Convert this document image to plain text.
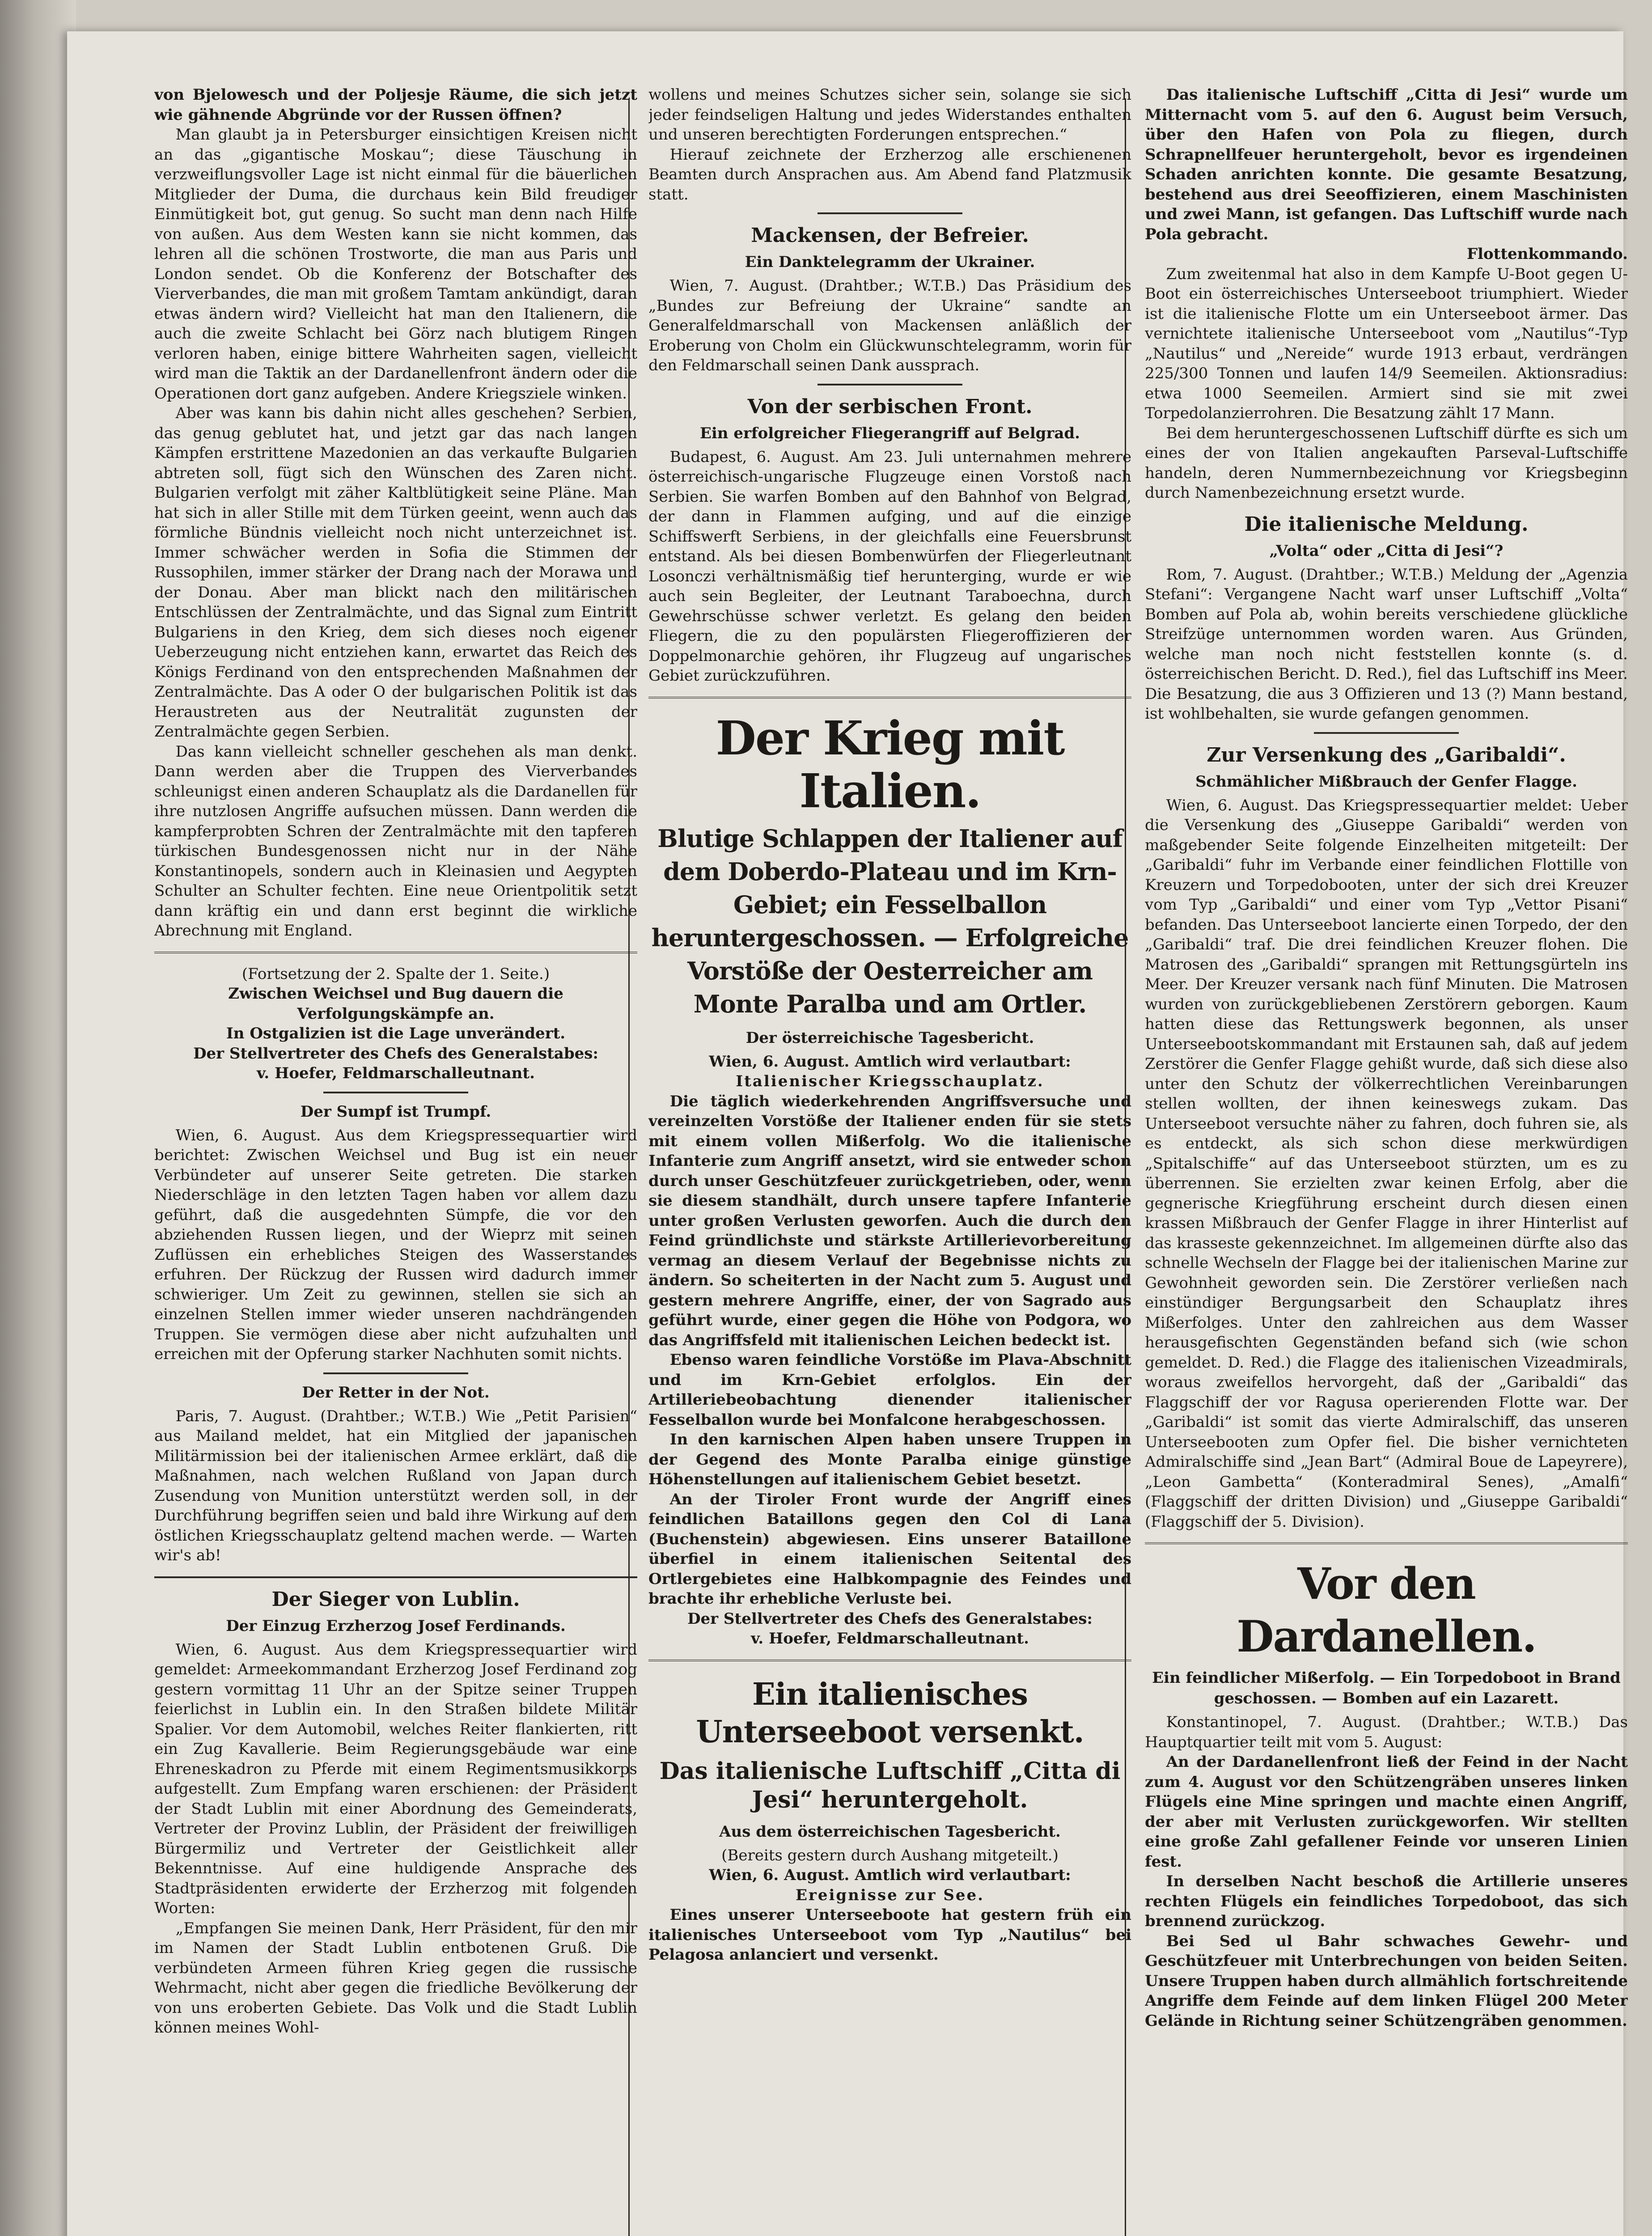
von Bjelowesch und der Poljesje Räume, die sich jetzt wie gähnende Abgründe vor der Russen öffnen?

Man glaubt ja in Petersburger einsichtigen Kreisen nicht an das „gigantische Moskau“; diese Täuschung in verzweiflungsvoller Lage ist nicht einmal für die bäuerlichen Mitglieder der Duma, die durchaus kein Bild freudiger Einmütigkeit bot, gut genug. So sucht man denn nach Hilfe von außen. Aus dem Westen kann sie nicht kommen, das lehren all die schönen Trostworte, die man aus Paris und London sendet. Ob die Konferenz der Botschafter des Vierverbandes, die man mit großem Tamtam ankündigt, daran etwas ändern wird? Vielleicht hat man den Italienern, die auch die zweite Schlacht bei Görz nach blutigem Ringen verloren haben, einige bittere Wahrheiten sagen, vielleicht wird man die Taktik an der Dardanellenfront ändern oder die Operationen dort ganz aufgeben. Andere Kriegsziele winken.

Aber was kann bis dahin nicht alles geschehen? Serbien, das genug geblutet hat, und jetzt gar das nach langen Kämpfen erstrittene Mazedonien an das verkaufte Bulgarien abtreten soll, fügt sich den Wünschen des Zaren nicht. Bulgarien verfolgt mit zäher Kaltblütigkeit seine Pläne. Man hat sich in aller Stille mit dem Türken geeint, wenn auch das förmliche Bündnis vielleicht noch nicht unterzeichnet ist. Immer schwächer werden in Sofia die Stimmen der Russophilen, immer stärker der Drang nach der Morawa und der Donau. Aber man blickt nach den militärischen Entschlüssen der Zentralmächte, und das Signal zum Eintritt Bulgariens in den Krieg, dem sich dieses noch eigener Ueberzeugung nicht entziehen kann, erwartet das Reich des Königs Ferdinand von den entsprechenden Maßnahmen der Zentralmächte. Das A oder O der bulgarischen Politik ist das Heraustreten aus der Neutralität zugunsten der Zentralmächte gegen Serbien.

Das kann vielleicht schneller geschehen als man denkt. Dann werden aber die Truppen des Vierverbandes schleunigst einen anderen Schauplatz als die Dardanellen für ihre nutzlosen Angriffe aufsuchen müssen. Dann werden die kampferprobten Schren der Zentralmächte mit den tapferen türkischen Bundesgenossen nicht nur in der Nähe Konstantinopels, sondern auch in Kleinasien und Aegypten Schulter an Schulter fechten. Eine neue Orientpolitik setzt dann kräftig ein und dann erst beginnt die wirkliche Abrechnung mit England.

(Fortsetzung der 2. Spalte der 1. Seite.)

Zwischen Weichsel und Bug dauern die Verfolgungskämpfe an.

In Ostgalizien ist die Lage unverändert.

Der Stellvertreter des Chefs des Generalstabes:

v. Hoefer, Feldmarschalleutnant.

Der Sumpf ist Trumpf.

Wien, 6. August. Aus dem Kriegspressequartier wird berichtet: Zwischen Weichsel und Bug ist ein neuer Verbündeter auf unserer Seite getreten. Die starken Niederschläge in den letzten Tagen haben vor allem dazu geführt, daß die ausgedehnten Sümpfe, die vor den abziehenden Russen liegen, und der Wieprz mit seinen Zuflüssen ein erhebliches Steigen des Wasserstandes erfuhren. Der Rückzug der Russen wird dadurch immer schwieriger. Um Zeit zu gewinnen, stellen sie sich an einzelnen Stellen immer wieder unseren nachdrängenden Truppen. Sie vermögen diese aber nicht aufzuhalten und erreichen mit der Opferung starker Nachhuten somit nichts.

Der Retter in der Not.

Paris, 7. August. (Drahtber.; W.T.B.) Wie „Petit Parisien“ aus Mailand meldet, hat ein Mitglied der japanischen Militärmission bei der italienischen Armee erklärt, daß die Maßnahmen, nach welchen Rußland von Japan durch Zusendung von Munition unterstützt werden soll, in der Durchführung begriffen seien und bald ihre Wirkung auf dem östlichen Kriegsschauplatz geltend machen werde. — Warten wir's ab!

Der Sieger von Lublin.
Der Einzug Erzherzog Josef Ferdinands.

Wien, 6. August. Aus dem Kriegspressequartier wird gemeldet: Armeekommandant Erzherzog Josef Ferdinand zog gestern vormittag 11 Uhr an der Spitze seiner Truppen feierlichst in Lublin ein. In den Straßen bildete Militär Spalier. Vor dem Automobil, welches Reiter flankierten, ritt ein Zug Kavallerie. Beim Regierungsgebäude war eine Ehreneskadron zu Pferde mit einem Regimentsmusikkorps aufgestellt. Zum Empfang waren erschienen: der Präsident der Stadt Lublin mit einer Abordnung des Gemeinderats, Vertreter der Provinz Lublin, der Präsident der freiwilligen Bürgermiliz und Vertreter der Geistlichkeit aller Bekenntnisse. Auf eine huldigende Ansprache des Stadtpräsidenten erwiderte der Erzherzog mit folgenden Worten:

„Empfangen Sie meinen Dank, Herr Präsident, für den mir im Namen der Stadt Lublin entbotenen Gruß. Die verbündeten Armeen führen Krieg gegen die russische Wehrmacht, nicht aber gegen die friedliche Bevölkerung der von uns eroberten Gebiete. Das Volk und die Stadt Lublin können meines Wohl-

wollens und meines Schutzes sicher sein, solange sie sich jeder feindseligen Haltung und jedes Widerstandes enthalten und unseren berechtigten Forderungen entsprechen.“

Hierauf zeichnete der Erzherzog alle erschienenen Beamten durch Ansprachen aus. Am Abend fand Platzmusik statt.

Mackensen, der Befreier.
Ein Danktelegramm der Ukrainer.

Wien, 7. August. (Drahtber.; W.T.B.) Das Präsidium des „Bundes zur Befreiung der Ukraine“ sandte an Generalfeldmarschall von Mackensen anläßlich der Eroberung von Cholm ein Glückwunschtelegramm, worin für den Feldmarschall seinen Dank aussprach.

Von der serbischen Front.
Ein erfolgreicher Fliegerangriff auf Belgrad.

Budapest, 6. August. Am 23. Juli unternahmen mehrere österreichisch-ungarische Flugzeuge einen Vorstoß nach Serbien. Sie warfen Bomben auf den Bahnhof von Belgrad, der dann in Flammen aufging, und auf die einzige Schiffswerft Serbiens, in der gleichfalls eine Feuersbrunst entstand. Als bei diesen Bombenwürfen der Fliegerleutnant Losonczi verhältnismäßig tief herunterging, wurde er wie auch sein Begleiter, der Leutnant Taraboechna, durch Gewehrschüsse schwer verletzt. Es gelang den beiden Fliegern, die zu den populärsten Fliegeroffizieren der Doppelmonarchie gehören, ihr Flugzeug auf ungarisches Gebiet zurückzuführen.

Der Krieg mit Italien.
Blutige Schlappen der Italiener auf dem Doberdo-Plateau und im Krn-Gebiet; ein Fesselballon heruntergeschossen. — Erfolgreiche Vorstöße der Oesterreicher am Monte Paralba und am Ortler.
Der österreichische Tagesbericht.

Wien, 6. August. Amtlich wird verlautbart:

Italienischer Kriegsschauplatz.

Die täglich wiederkehrenden Angriffsversuche und vereinzelten Vorstöße der Italiener enden für sie stets mit einem vollen Mißerfolg. Wo die italienische Infanterie zum Angriff ansetzt, wird sie entweder schon durch unser Geschützfeuer zurückgetrieben, oder, wenn sie diesem standhält, durch unsere tapfere Infanterie unter großen Verlusten geworfen. Auch die durch den Feind gründlichste und stärkste Artillerievorbereitung vermag an diesem Verlauf der Begebnisse nichts zu ändern. So scheiterten in der Nacht zum 5. August und gestern mehrere Angriffe, einer, der von Sagrado aus geführt wurde, einer gegen die Höhe von Podgora, wo das Angriffsfeld mit italienischen Leichen bedeckt ist.

Ebenso waren feindliche Vorstöße im Plava-Abschnitt und im Krn-Gebiet erfolglos. Ein der Artilleriebeobachtung dienender italienischer Fesselballon wurde bei Monfalcone herabgeschossen.

In den karnischen Alpen haben unsere Truppen in der Gegend des Monte Paralba einige günstige Höhenstellungen auf italienischem Gebiet besetzt.

An der Tiroler Front wurde der Angriff eines feindlichen Bataillons gegen den Col di Lana (Buchenstein) abgewiesen. Eins unserer Bataillone überfiel in einem italienischen Seitental des Ortlergebietes eine Halbkompagnie des Feindes und brachte ihr erhebliche Verluste bei.

Der Stellvertreter des Chefs des Generalstabes:

v. Hoefer, Feldmarschalleutnant.

Ein italienisches Unterseeboot versenkt.
Das italienische Luftschiff „Citta di Jesi“ heruntergeholt.
Aus dem österreichischen Tagesbericht.

(Bereits gestern durch Aushang mitgeteilt.)

Wien, 6. August. Amtlich wird verlautbart:

Ereignisse zur See.

Eines unserer Unterseeboote hat gestern früh ein italienisches Unterseeboot vom Typ „Nautilus“ bei Pelagosa anlanciert und versenkt.

Das italienische Luftschiff „Citta di Jesi“ wurde um Mitternacht vom 5. auf den 6. August beim Versuch, über den Hafen von Pola zu fliegen, durch Schrapnellfeuer heruntergeholt, bevor es irgendeinen Schaden anrichten konnte. Die gesamte Besatzung, bestehend aus drei Seeoffizieren, einem Maschinisten und zwei Mann, ist gefangen. Das Luftschiff wurde nach Pola gebracht.

Flottenkommando.

Zum zweitenmal hat also in dem Kampfe U-Boot gegen U-Boot ein österreichisches Unterseeboot triumphiert. Wieder ist die italienische Flotte um ein Unterseeboot ärmer. Das vernichtete italienische Unterseeboot vom „Nautilus“-Typ „Nautilus“ und „Nereide“ wurde 1913 erbaut, verdrängen 225/300 Tonnen und laufen 14/9 Seemeilen. Aktionsradius: etwa 1000 Seemeilen. Armiert sind sie mit zwei Torpedolanzierrohren. Die Besatzung zählt 17 Mann.

Bei dem heruntergeschossenen Luftschiff dürfte es sich um eines der von Italien angekauften Parseval-Luftschiffe handeln, deren Nummernbezeichnung vor Kriegsbeginn durch Namenbezeichnung ersetzt wurde.

Die italienische Meldung.
„Volta“ oder „Citta di Jesi“?

Rom, 7. August. (Drahtber.; W.T.B.) Meldung der „Agenzia Stefani“: Vergangene Nacht warf unser Luftschiff „Volta“ Bomben auf Pola ab, wohin bereits verschiedene glückliche Streifzüge unternommen worden waren. Aus Gründen, welche man noch nicht feststellen konnte (s. d. österreichischen Bericht. D. Red.), fiel das Luftschiff ins Meer. Die Besatzung, die aus 3 Offizieren und 13 (?) Mann bestand, ist wohlbehalten, sie wurde gefangen genommen.

Zur Versenkung des „Garibaldi“.
Schmählicher Mißbrauch der Genfer Flagge.

Wien, 6. August. Das Kriegspressequartier meldet: Ueber die Versenkung des „Giuseppe Garibaldi“ werden von maßgebender Seite folgende Einzelheiten mitgeteilt: Der „Garibaldi“ fuhr im Verbande einer feindlichen Flottille von Kreuzern und Torpedobooten, unter der sich drei Kreuzer vom Typ „Garibaldi“ und einer vom Typ „Vettor Pisani“ befanden. Das Unterseeboot lancierte einen Torpedo, der den „Garibaldi“ traf. Die drei feindlichen Kreuzer flohen. Die Matrosen des „Garibaldi“ sprangen mit Rettungsgürteln ins Meer. Der Kreuzer versank nach fünf Minuten. Die Matrosen wurden von zurückgebliebenen Zerstörern geborgen. Kaum hatten diese das Rettungswerk begonnen, als unser Unterseebootskommandant mit Erstaunen sah, daß auf jedem Zerstörer die Genfer Flagge gehißt wurde, daß sich diese also unter den Schutz der völkerrechtlichen Vereinbarungen stellen wollten, der ihnen keineswegs zukam. Das Unterseeboot versuchte näher zu fahren, doch fuhren sie, als es entdeckt, als sich schon diese merkwürdigen „Spitalschiffe“ auf das Unterseeboot stürzten, um es zu überrennen. Sie erzielten zwar keinen Erfolg, aber die gegnerische Kriegführung erscheint durch diesen einen krassen Mißbrauch der Genfer Flagge in ihrer Hinterlist auf das krasseste gekennzeichnet. Im allgemeinen dürfte also das schnelle Wechseln der Flagge bei der italienischen Marine zur Gewohnheit geworden sein. Die Zerstörer verließen nach einstündiger Bergungsarbeit den Schauplatz ihres Mißerfolges. Unter den zahlreichen aus dem Wasser herausgefischten Gegenständen befand sich (wie schon gemeldet. D. Red.) die Flagge des italienischen Vizeadmirals, woraus zweifellos hervorgeht, daß der „Garibaldi“ das Flaggschiff der vor Ragusa operierenden Flotte war. Der „Garibaldi“ ist somit das vierte Admiralschiff, das unseren Unterseebooten zum Opfer fiel. Die bisher vernichteten Admiralschiffe sind „Jean Bart“ (Admiral Boue de Lapeyrere), „Leon Gambetta“ (Konteradmiral Senes), „Amalfi“ (Flaggschiff der dritten Division) und „Giuseppe Garibaldi“ (Flaggschiff der 5. Division).

Vor den Dardanellen.
Ein feindlicher Mißerfolg. — Ein Torpedoboot in Brand geschossen. — Bomben auf ein Lazarett.

Konstantinopel, 7. August. (Drahtber.; W.T.B.) Das Hauptquartier teilt mit vom 5. August:

An der Dardanellenfront ließ der Feind in der Nacht zum 4. August vor den Schützengräben unseres linken Flügels eine Mine springen und machte einen Angriff, der aber mit Verlusten zurückgeworfen. Wir stellten eine große Zahl gefallener Feinde vor unseren Linien fest.

In derselben Nacht beschoß die Artillerie unseres rechten Flügels ein feindliches Torpedoboot, das sich brennend zurückzog.

Bei Sed ul Bahr schwaches Gewehr- und Geschützfeuer mit Unterbrechungen von beiden Seiten. Unsere Truppen haben durch allmählich fortschreitende Angriffe dem Feinde auf dem linken Flügel 200 Meter Gelände in Richtung seiner Schützengräben genommen.
